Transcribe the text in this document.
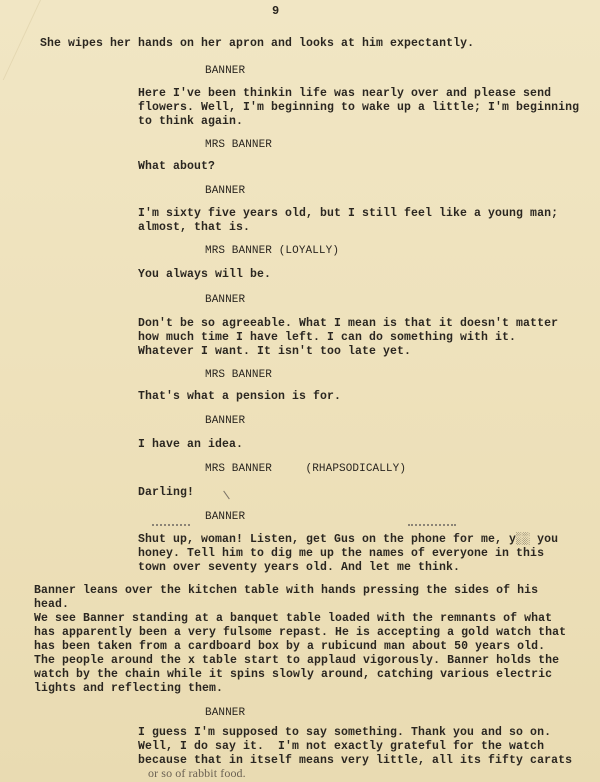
9
She wipes her hands on her apron and looks at him expectantly.
BANNER
Here I've been thinkin life was nearly over and please send
flowers. Well, I'm beginning to wake up a little; I'm beginning
to think again.
MRS BANNER
What about?
BANNER
I'm sixty five years old, but I still feel like a young man;
almost, that is.
MRS BANNER (LOYALLY)
You always will be.
BANNER
Don't be so agreeable. What I mean is that it doesn't matter
how much time I have left. I can do something with it.
Whatever I want. It isn't too late yet.
MRS BANNER
That's what a pension is for.
BANNER
I have an idea.
MRS BANNER     (RHAPSODICALLY)
Darling!
BANNER
Shut up, woman! Listen, get Gus on the phone for me, y░░ you
honey. Tell him to dig me up the names of everyone in this
town over seventy years old. And let me think.
Banner leans over the kitchen table with hands pressing the sides of his
head.
We see Banner standing at a banquet table loaded with the remnants of what
has apparently been a very fulsome repast. He is accepting a gold watch that
has been taken from a cardboard box by a rubicund man about 50 years old.
The people around the x table start to applaud vigorously. Banner holds the
watch by the chain while it spins slowly around, catching various electric
lights and reflecting them.
BANNER
I guess I'm supposed to say something. Thank you and so on.
Well, I do say it.  I'm not exactly grateful for the watch
because that in itself means very little, all its fifty carats
or so of rabbit food.
